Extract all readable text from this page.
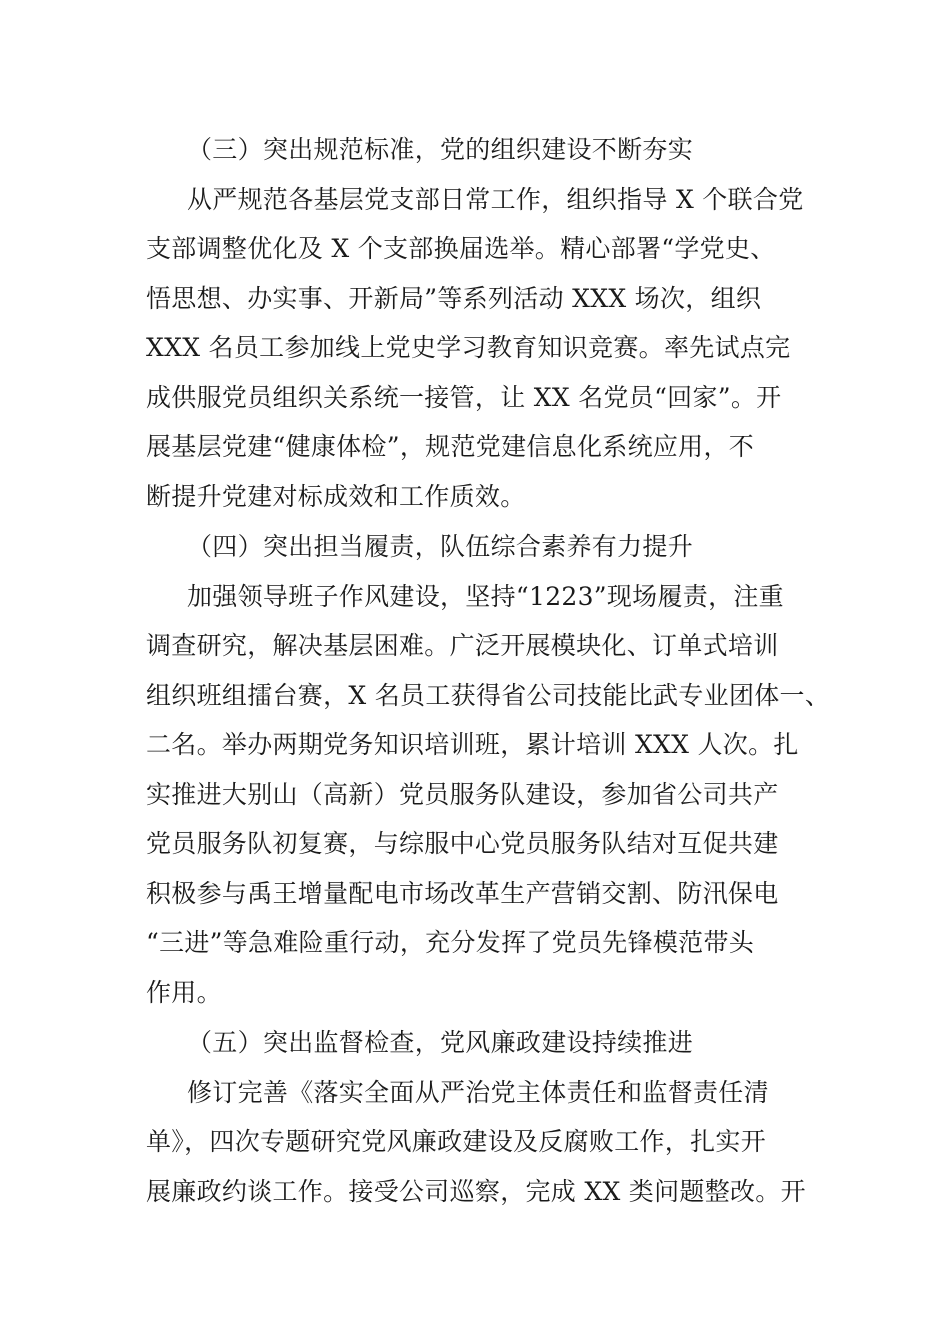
（三）突出规范标准，党的组织建设不断夯实
从严规范各基层党支部日常工作，组织指导 X 个联合党
支部调整优化及 X 个支部换届选举。精心部署“学党史、
悟思想、办实事、开新局”等系列活动 XXX 场次，组织
XXX 名员工参加线上党史学习教育知识竞赛。率先试点完
成供服党员组织关系统一接管，让 XX 名党员“回家”。开
展基层党建“健康体检”，规范党建信息化系统应用，不
断提升党建对标成效和工作质效。
（四）突出担当履责，队伍综合素养有力提升
加强领导班子作风建设，坚持“1223”现场履责，注重
调查研究，解决基层困难。广泛开展模块化、订单式培训
组织班组擂台赛，X 名员工获得省公司技能比武专业团体一、
二名。举办两期党务知识培训班，累计培训 XXX 人次。扎
实推进大别山（高新）党员服务队建设，参加省公司共产
党员服务队初复赛，与综服中心党员服务队结对互促共建
积极参与禹王增量配电市场改革生产营销交割、防汛保电
“三进”等急难险重行动，充分发挥了党员先锋模范带头
作用。
（五）突出监督检查，党风廉政建设持续推进
修订完善《落实全面从严治党主体责任和监督责任清
单》，四次专题研究党风廉政建设及反腐败工作，扎实开
展廉政约谈工作。接受公司巡察，完成 XX 类问题整改。开
